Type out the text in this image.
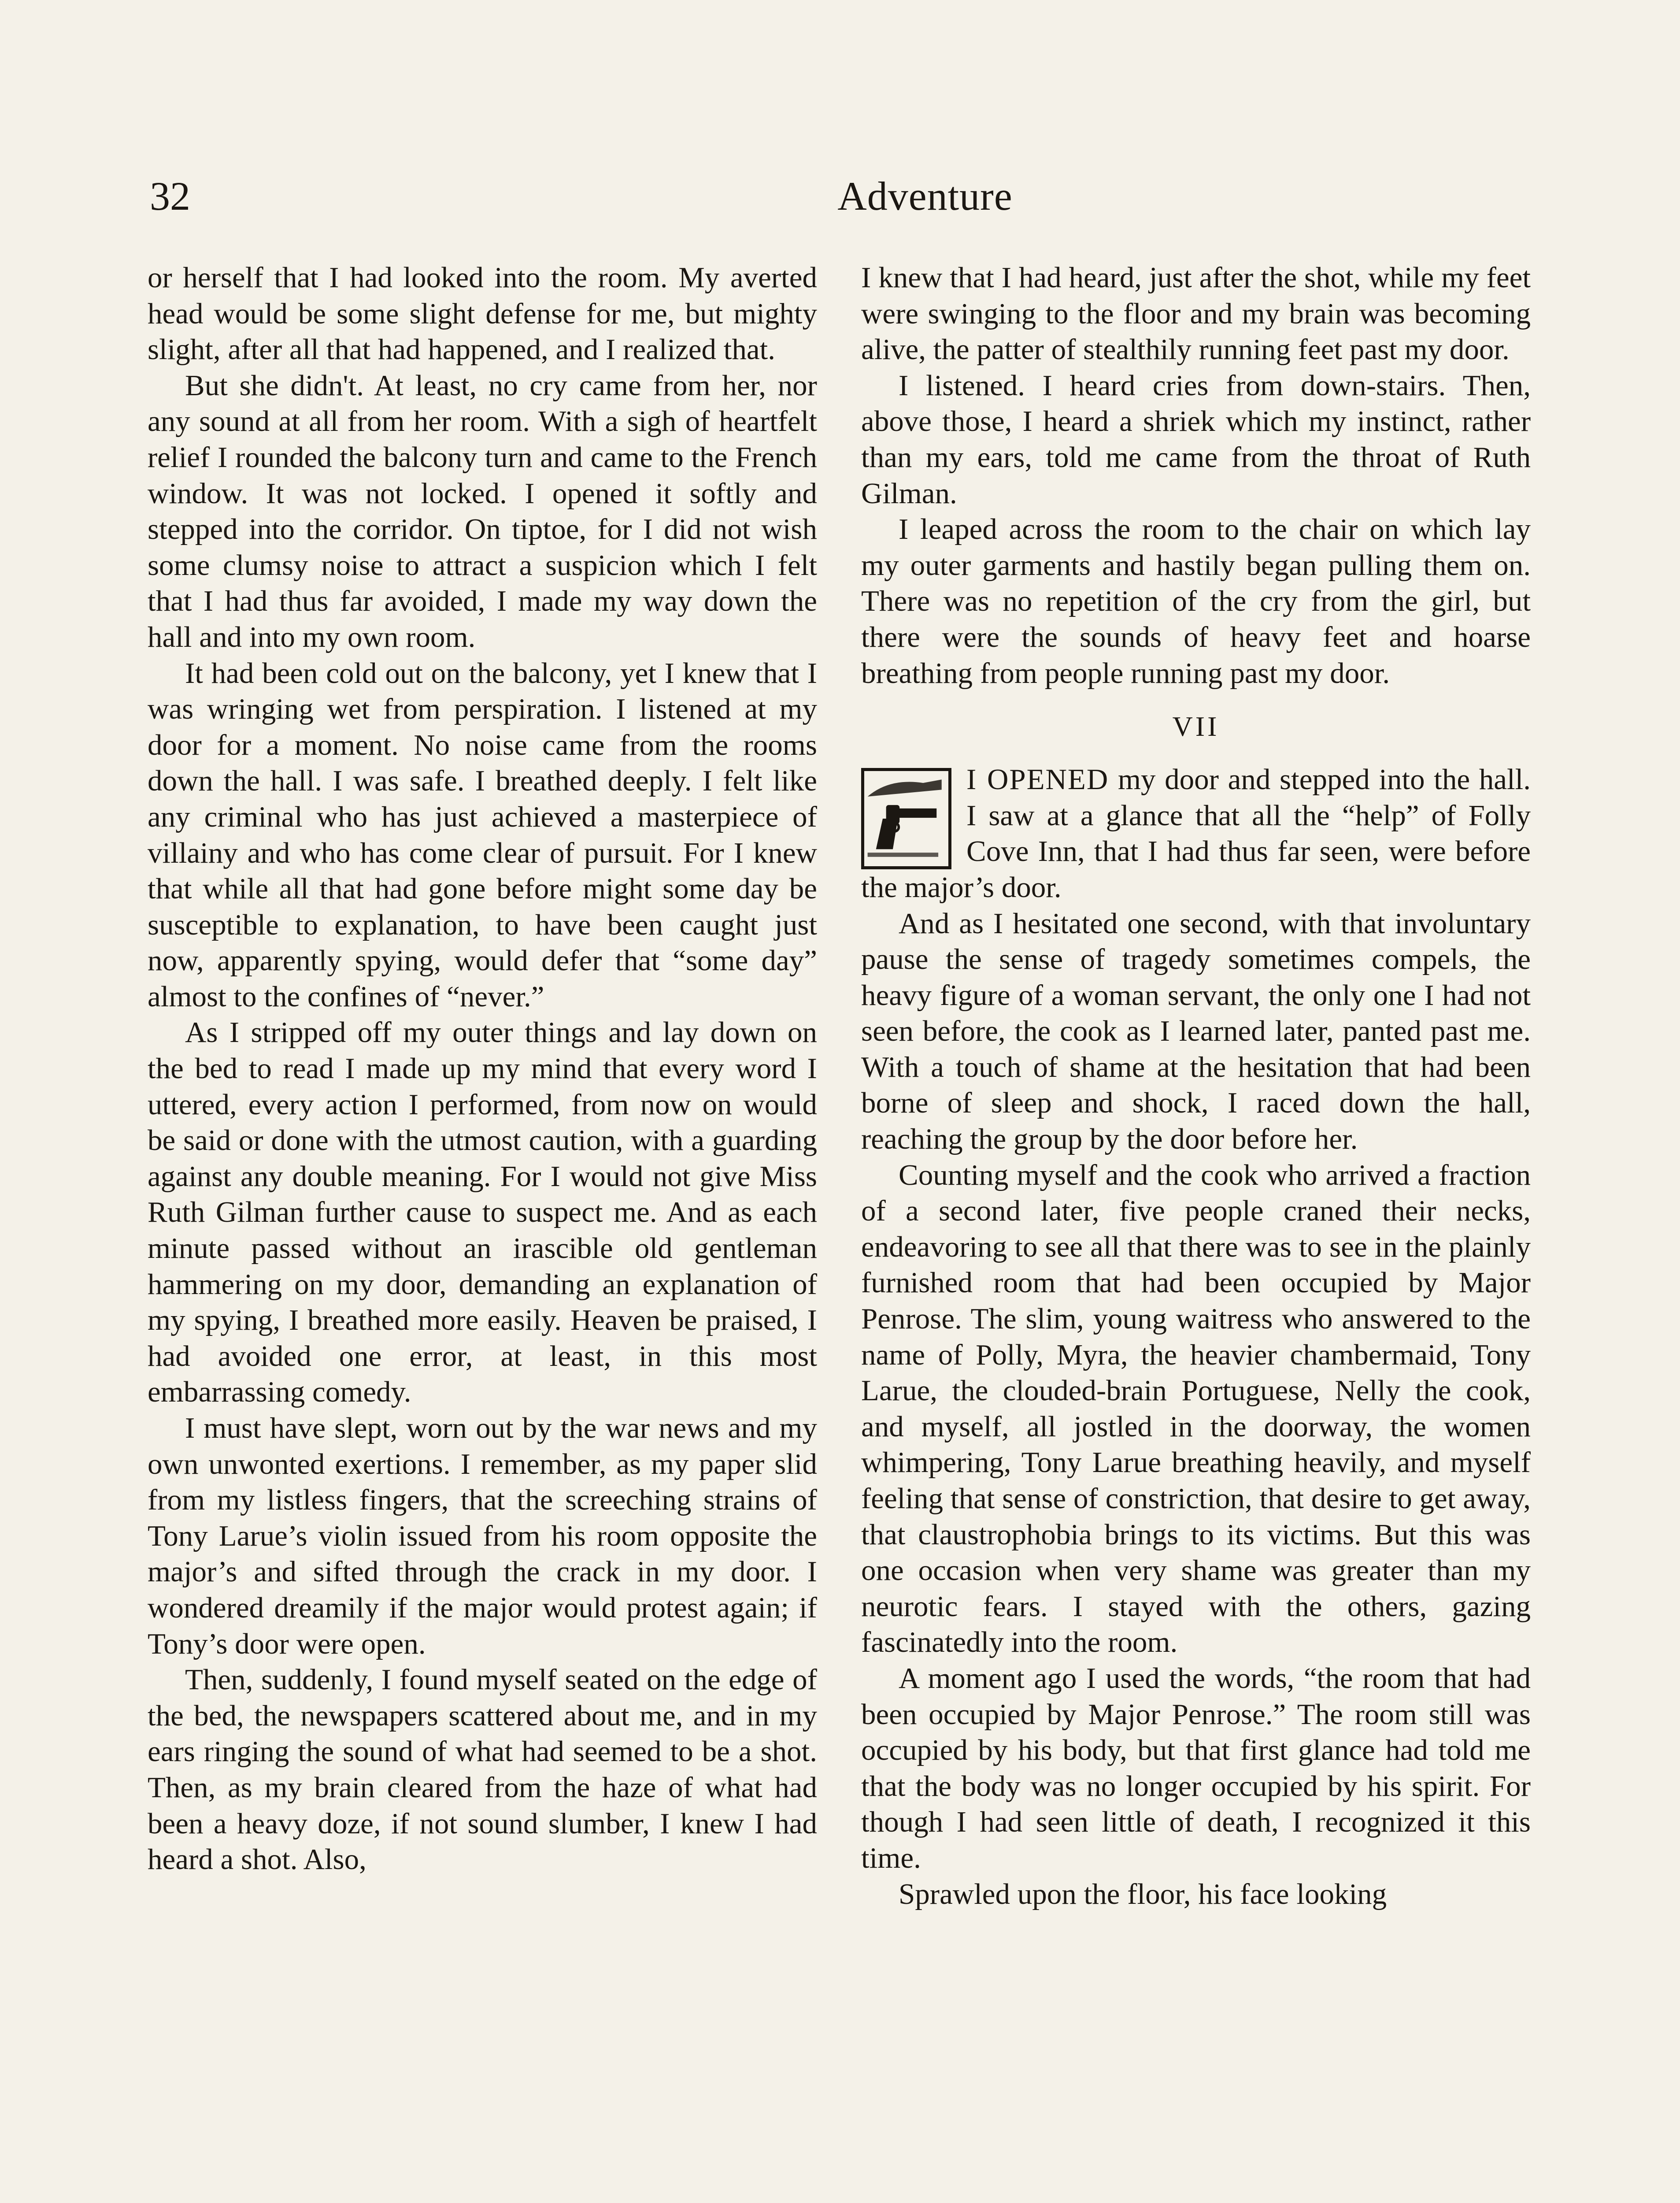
32	Adventure

or herself that I had looked into the room. My averted head would be some slight defense for me, but mighty slight, after all that had happened, and I realized that.

But she didn't. At least, no cry came from her, nor any sound at all from her room. With a sigh of heartfelt relief I rounded the balcony turn and came to the French window. It was not locked. I opened it softly and stepped into the corridor. On tiptoe, for I did not wish some clumsy noise to attract a suspicion which I felt that I had thus far avoided, I made my way down the hall and into my own room.

It had been cold out on the balcony, yet I knew that I was wringing wet from perspiration. I listened at my door for a moment. No noise came from the rooms down the hall. I was safe. I breathed deeply. I felt like any criminal who has just achieved a masterpiece of villainy and who has come clear of pursuit. For I knew that while all that had gone before might some day be susceptible to explanation, to have been caught just now, apparently spying, would defer that “some day” almost to the confines of “never.”

As I stripped off my outer things and lay down on the bed to read I made up my mind that every word I uttered, every action I performed, from now on would be said or done with the utmost caution, with a guarding against any double meaning. For I would not give Miss Ruth Gilman further cause to suspect me. And as each minute passed without an irascible old gentleman hammering on my door, demanding an explanation of my spying, I breathed more easily. Heaven be praised, I had avoided one error, at least, in this most embarrassing comedy.

I must have slept, worn out by the war news and my own unwonted exertions. I remember, as my paper slid from my listless fingers, that the screeching strains of Tony Larue’s violin issued from his room opposite the major’s and sifted through the crack in my door. I wondered dreamily if the major would protest again; if Tony’s door were open.

Then, suddenly, I found myself seated on the edge of the bed, the newspapers scattered about me, and in my ears ringing the sound of what had seemed to be a shot. Then, as my brain cleared from the haze of what had been a heavy doze, if not sound slumber, I knew I had heard a shot. Also,

I knew that I had heard, just after the shot, while my feet were swinging to the floor and my brain was becoming alive, the patter of stealthily running feet past my door.

I listened. I heard cries from down-stairs. Then, above those, I heard a shriek which my instinct, rather than my ears, told me came from the throat of Ruth Gilman.

I leaped across the room to the chair on which lay my outer garments and hastily began pulling them on. There was no repetition of the cry from the girl, but there were the sounds of heavy feet and hoarse breathing from people running past my door.

VII

I OPENED my door and stepped into the hall. I saw at a glance that all the “help” of Folly Cove Inn, that I had thus far seen, were before the major’s door.

And as I hesitated one second, with that involuntary pause the sense of tragedy sometimes compels, the heavy figure of a woman servant, the only one I had not seen before, the cook as I learned later, panted past me. With a touch of shame at the hesitation that had been borne of sleep and shock, I raced down the hall, reaching the group by the door before her.

Counting myself and the cook who arrived a fraction of a second later, five people craned their necks, endeavoring to see all that there was to see in the plainly furnished room that had been occupied by Major Penrose. The slim, young waitress who answered to the name of Polly, Myra, the heavier chambermaid, Tony Larue, the clouded-brain Portuguese, Nelly the cook, and myself, all jostled in the doorway, the women whimpering, Tony Larue breathing heavily, and myself feeling that sense of constriction, that desire to get away, that claustrophobia brings to its victims. But this was one occasion when very shame was greater than my neurotic fears. I stayed with the others, gazing fascinatedly into the room.

A moment ago I used the words, “the room that had been occupied by Major Penrose.” The room still was occupied by his body, but that first glance had told me that the body was no longer occupied by his spirit. For though I had seen little of death, I recognized it this time.

Sprawled upon the floor, his face looking
